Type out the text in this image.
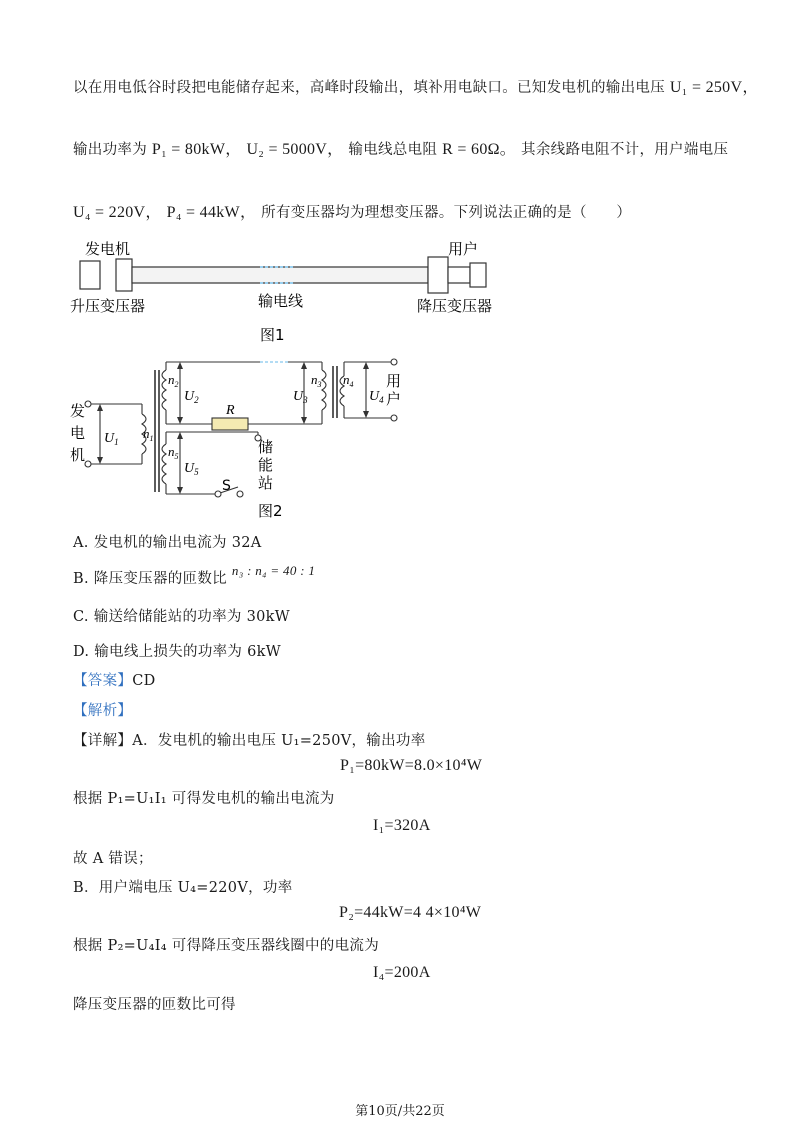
以在用电低谷时段把电能储存起来，高峰时段输出，填补用电缺口。已知发电机的输出电压 U₁ = 250V，
输出功率为 P₁ = 80kW， U₂ = 5000V， 输电线总电阻 R = 60Ω。 其余线路电阻不计，用户端电压
U₄ = 220V， P₄ = 44kW， 所有变压器均为理想变压器。下列说法正确的是（　　）
发电机	用户
升压变压器	输电线	降压变压器
图1
发
电
机
用
户
储
能
站
$U_1$
$U_2$	$U_3$	$U_4$
$U_5$
$n_1$
$n_2$	$n_3$ $n_4$
$n_5$
R
S
图2
A. 发电机的输出电流为 32A
B. 降压变压器的匝数比 n₃ : n₄ = 40 : 1
C. 输送给储能站的功率为 30kW
D. 输电线上损失的功率为 6kW
【答案】CD
【解析】
【详解】A．发电机的输出电压 U₁=250V，输出功率
P₁=80kW=8.0×10⁴W
根据 P₁=U₁I₁ 可得发电机的输出电流为
I₁=320A
故 A 错误；
B．用户端电压 U₄=220V，功率
P₂=44kW=4 4×10⁴W
根据 P₂=U₄I₄ 可得降压变压器线圈中的电流为
I₄=200A
降压变压器的匝数比可得
第10页/共22页
